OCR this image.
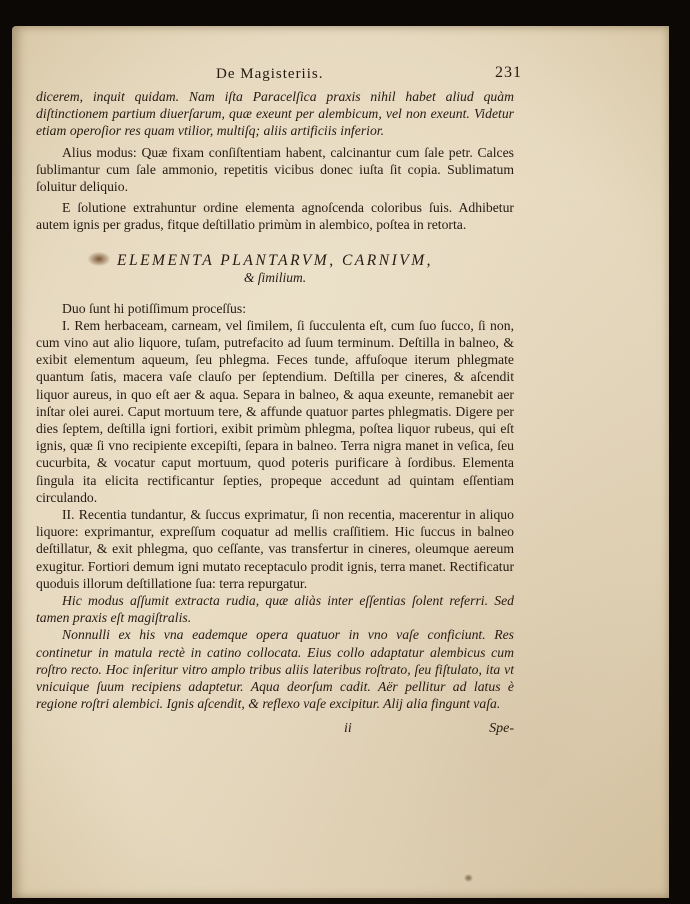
De Magisteriis.	231

dicerem, inquit quidam. Nam iſta Paracelſica praxis nihil habet aliud quàm diſtinctionem partium diuerſarum, quæ exeunt per alembicum, vel non exeunt. Videtur etiam operoſior res quam vtilior, multiſq; aliis artificiis inferior.

Alius modus: Quæ fixam conſiſtentiam habent, calcinantur cum ſale petr. Calces ſublimantur cum ſale ammonio, repetitis vicibus donec iuſta ſit copia. Sublimatum ſoluitur deliquio.

E ſolutione extrahuntur ordine elementa agnoſcenda coloribus ſuis. Adhibetur autem ignis per gradus, fitque deſtillatio primùm in alembico, poſtea in retorta.

ELEMENTA PLANTARVM, CARNIVM,
& ſimilium.

Duo ſunt hi potiſſimum proceſſus:

I. Rem herbaceam, carneam, vel ſimilem, ſi ſucculenta eſt, cum ſuo ſucco, ſi non, cum vino aut alio liquore, tuſam, putrefacito ad ſuum terminum. Deſtilla in balneo, & exibit elementum aqueum, ſeu phlegma. Feces tunde, affuſoque iterum phlegmate quantum ſatis, macera vaſe clauſo per ſeptendium. Deſtilla per cineres, & aſcendit liquor aureus, in quo eſt aer & aqua. Separa in balneo, & aqua exeunte, remanebit aer inſtar olei aurei. Caput mortuum tere, & affunde quatuor partes phlegmatis. Digere per dies ſeptem, deſtilla igni fortiori, exibit primùm phlegma, poſtea liquor rubeus, qui eſt ignis, quæ ſi vno recipiente excepiſti, ſepara in balneo. Terra nigra manet in veſica, ſeu cucurbita, & vocatur caput mortuum, quod poteris purificare à ſordibus. Elementa ſingula ita elicita rectificantur ſepties, propeque accedunt ad quintam eſſentiam circulando.

II. Recentia tundantur, & ſuccus exprimatur, ſi non recentia, macerentur in aliquo liquore: exprimantur, expreſſum coquatur ad mellis craſſitiem. Hic ſuccus in balneo deſtillatur, & exit phlegma, quo ceſſante, vas transfertur in cineres, oleumque aereum exugitur. Fortiori demum igni mutato receptaculo prodit ignis, terra manet. Rectificatur quoduis illorum deſtillatione ſua: terra repurgatur.

Hic modus aſſumit extracta rudia, quæ aliàs inter eſſentias ſolent referri. Sed tamen praxis eſt magiſtralis.

Nonnulli ex his vna eademque opera quatuor in vno vaſe conficiunt. Res continetur in matula rectè in catino collocata. Eius collo adaptatur alembicus cum roſtro recto. Hoc inſeritur vitro amplo tribus aliis lateribus roſtrato, ſeu fiſtulato, ita vt vnicuique ſuum recipiens adaptetur. Aqua deorſum cadit. Aër pellitur ad latus è regione roſtri alembici. Ignis aſcendit, & reflexo vaſe excipitur. Alij alia fingunt vaſa.

ii	Spe-
